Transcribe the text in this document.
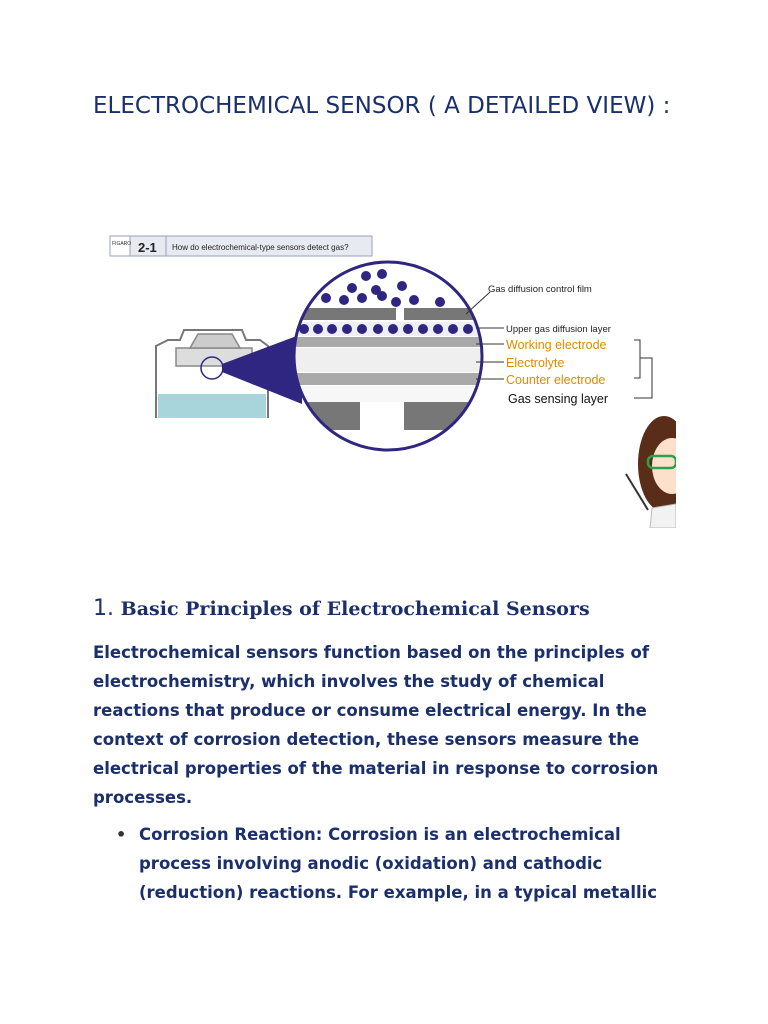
ELECTROCHEMICAL SENSOR ( A DETAILED VIEW) :
FIGARO 2-1 How do electrochemical-type sensors detect gas?
Gas diffusion control film
Upper gas diffusion layer
Working electrode
Electrolyte
Counter electrode
Gas sensing layer
1. Basic Principles of Electrochemical Sensors

Electrochemical sensors function based on the principles of electrochemistry, which involves the study of chemical reactions that produce or consume electrical energy. In the context of corrosion detection, these sensors measure the electrical properties of the material in response to corrosion processes.

• Corrosion Reaction: Corrosion is an electrochemical process involving anodic (oxidation) and cathodic (reduction) reactions. For example, in a typical metallic
